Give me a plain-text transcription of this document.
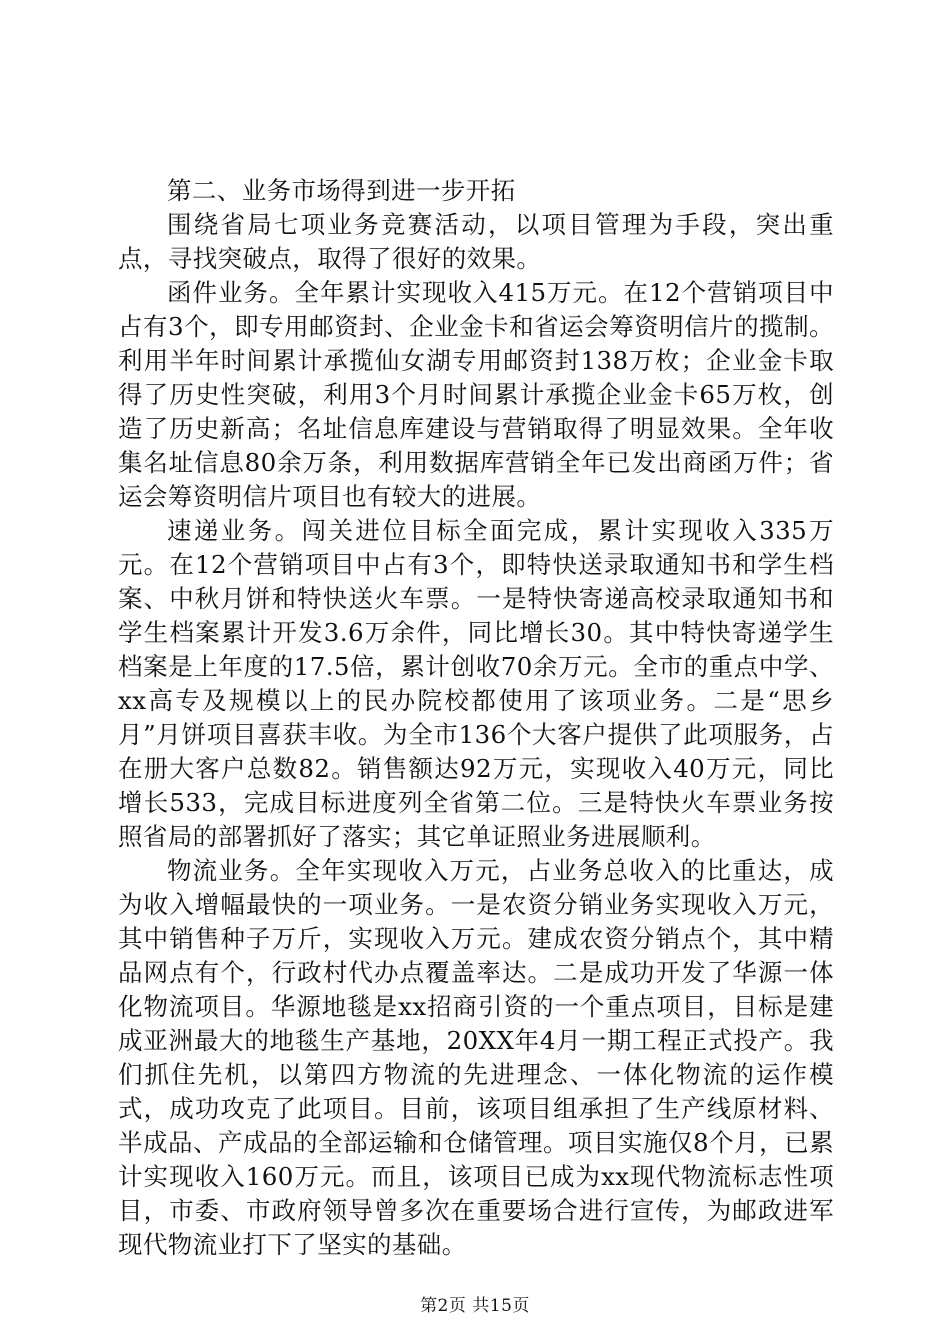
第二、业务市场得到进一步开拓

围绕省局七项业务竞赛活动，以项目管理为手段，突出重点，寻找突破点，取得了很好的效果。

函件业务。全年累计实现收入415万元。在12个营销项目中占有3个，即专用邮资封、企业金卡和省运会筹资明信片的揽制。利用半年时间累计承揽仙女湖专用邮资封138万枚；企业金卡取得了历史性突破，利用3个月时间累计承揽企业金卡65万枚，创造了历史新高；名址信息库建设与营销取得了明显效果。全年收集名址信息80余万条，利用数据库营销全年已发出商函万件；省运会筹资明信片项目也有较大的进展。

速递业务。闯关进位目标全面完成，累计实现收入335万元。在12个营销项目中占有3个，即特快送录取通知书和学生档案、中秋月饼和特快送火车票。一是特快寄递高校录取通知书和学生档案累计开发3.6万余件，同比增长30。其中特快寄递学生档案是上年度的17.5倍，累计创收70余万元。全市的重点中学、xx高专及规模以上的民办院校都使用了该项业务。二是“思乡月”月饼项目喜获丰收。为全市136个大客户提供了此项服务，占在册大客户总数82。销售额达92万元，实现收入40万元，同比增长533，完成目标进度列全省第二位。三是特快火车票业务按照省局的部署抓好了落实；其它单证照业务进展顺利。

物流业务。全年实现收入万元，占业务总收入的比重达，成为收入增幅最快的一项业务。一是农资分销业务实现收入万元，其中销售种子万斤，实现收入万元。建成农资分销点个，其中精品网点有个，行政村代办点覆盖率达。二是成功开发了华源一体化物流项目。华源地毯是xx招商引资的一个重点项目，目标是建成亚洲最大的地毯生产基地，20XX年4月一期工程正式投产。我们抓住先机，以第四方物流的先进理念、一体化物流的运作模式，成功攻克了此项目。目前，该项目组承担了生产线原材料、半成品、产成品的全部运输和仓储管理。项目实施仅8个月，已累计实现收入160万元。而且，该项目已成为xx现代物流标志性项目，市委、市政府领导曾多次在重要场合进行宣传，为邮政进军现代物流业打下了坚实的基础。

第2页 共15页
